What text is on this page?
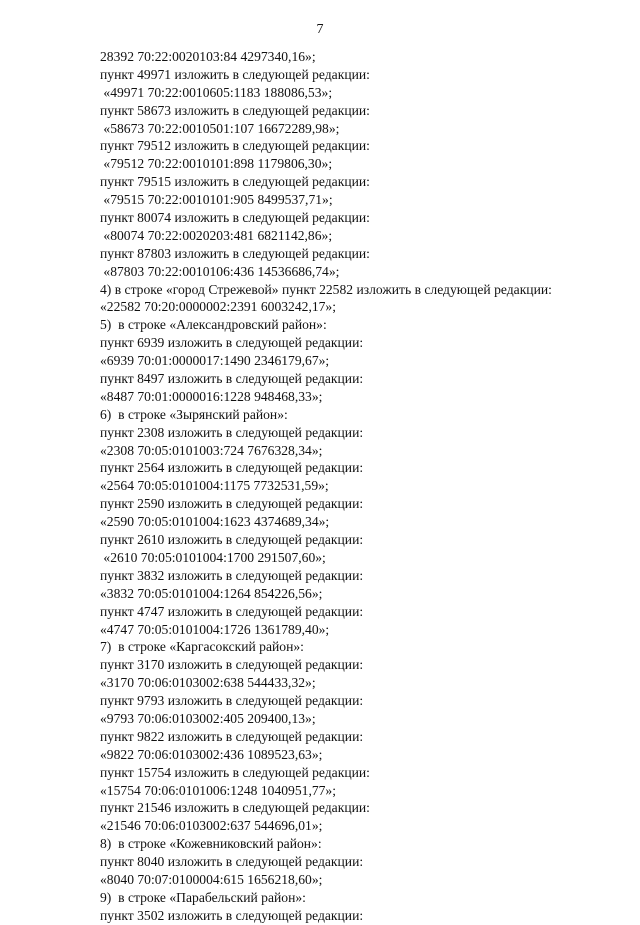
7
28392 70:22:0020103:84 4297340,16»;
пункт 49971 изложить в следующей редакции:
«49971 70:22:0010605:1183 188086,53»;
пункт 58673 изложить в следующей редакции:
«58673 70:22:0010501:107 16672289,98»;
пункт 79512 изложить в следующей редакции:
«79512 70:22:0010101:898 1179806,30»;
пункт 79515 изложить в следующей редакции:
«79515 70:22:0010101:905 8499537,71»;
пункт 80074 изложить в следующей редакции:
«80074 70:22:0020203:481 6821142,86»;
пункт 87803 изложить в следующей редакции:
«87803 70:22:0010106:436 14536686,74»;
4) в строке «город Стрежевой» пункт 22582 изложить в следующей редакции:
«22582 70:20:0000002:2391 6003242,17»;
5)  в строке «Александровский район»:
пункт 6939 изложить в следующей редакции:
«6939 70:01:0000017:1490 2346179,67»;
пункт 8497 изложить в следующей редакции:
«8487 70:01:0000016:1228 948468,33»;
6)  в строке «Зырянский район»:
пункт 2308 изложить в следующей редакции:
«2308 70:05:0101003:724 7676328,34»;
пункт 2564 изложить в следующей редакции:
«2564 70:05:0101004:1175 7732531,59»;
пункт 2590 изложить в следующей редакции:
«2590 70:05:0101004:1623 4374689,34»;
пункт 2610 изложить в следующей редакции:
«2610 70:05:0101004:1700 291507,60»;
пункт 3832 изложить в следующей редакции:
«3832 70:05:0101004:1264 854226,56»;
пункт 4747 изложить в следующей редакции:
«4747 70:05:0101004:1726 1361789,40»;
7)  в строке «Каргасокский район»:
пункт 3170 изложить в следующей редакции:
«3170 70:06:0103002:638 544433,32»;
пункт 9793 изложить в следующей редакции:
«9793 70:06:0103002:405 209400,13»;
пункт 9822 изложить в следующей редакции:
«9822 70:06:0103002:436 1089523,63»;
пункт 15754 изложить в следующей редакции:
«15754 70:06:0101006:1248 1040951,77»;
пункт 21546 изложить в следующей редакции:
«21546 70:06:0103002:637 544696,01»;
8)  в строке «Кожевниковский район»:
пункт 8040 изложить в следующей редакции:
«8040 70:07:0100004:615 1656218,60»;
9)  в строке «Парабельский район»:
пункт 3502 изложить в следующей редакции:
